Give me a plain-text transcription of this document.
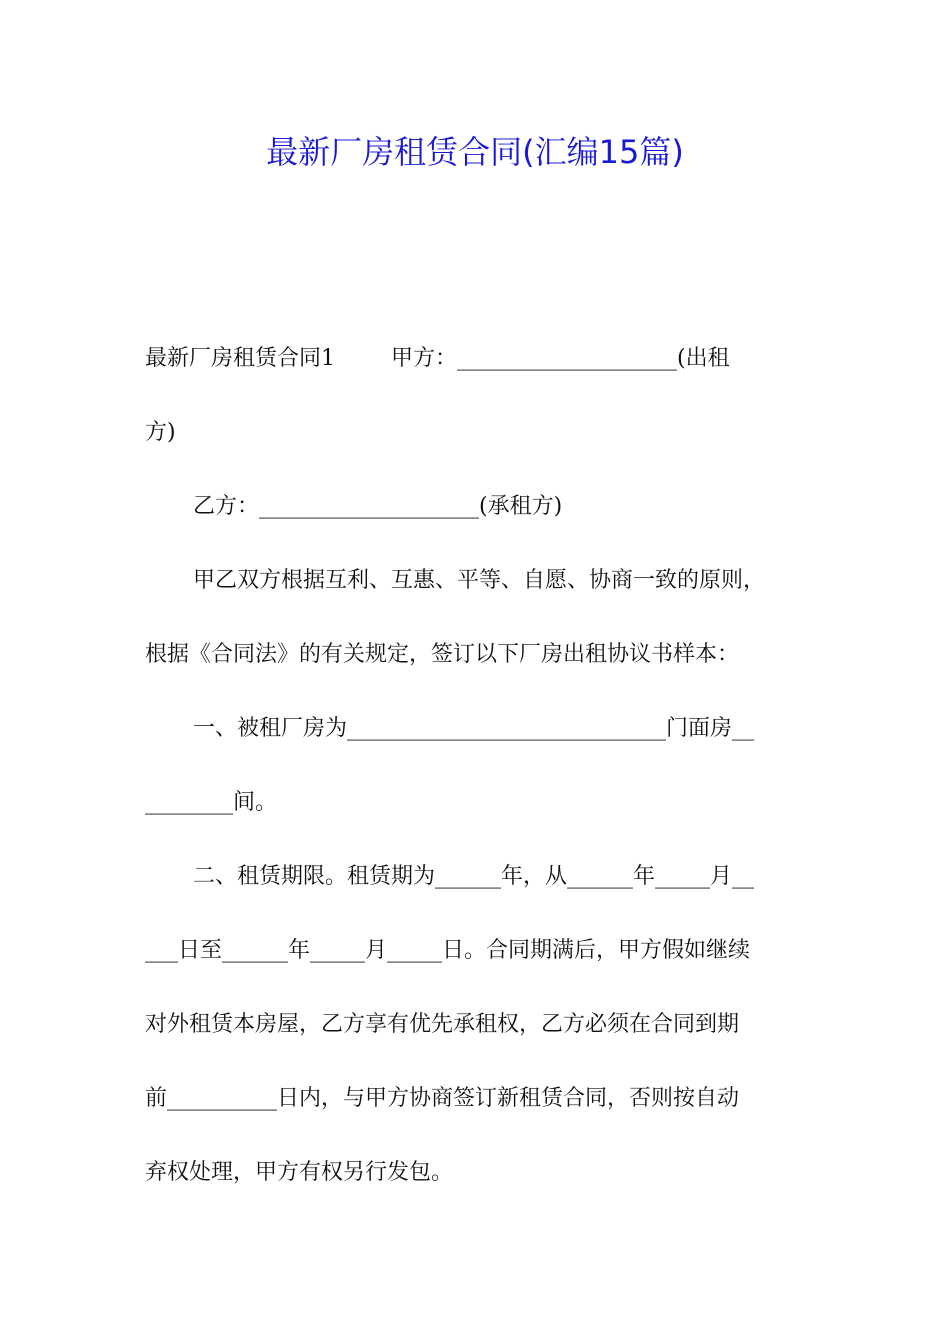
最新厂房租赁合同(汇编15篇)
最新厂房租赁合同1	甲方：____________________(出租
方)
乙方：____________________(承租方)
甲乙双方根据互利、互惠、平等、自愿、协商一致的原则，
根据《合同法》的有关规定，签订以下厂房出租协议书样本：
一、被租厂房为_____________________________门面房__
________间。
二、租赁期限。租赁期为______年，从______年_____月__
___日至______年_____月_____日。合同期满后，甲方假如继续
对外租赁本房屋，乙方享有优先承租权，乙方必须在合同到期
前__________日内，与甲方协商签订新租赁合同，否则按自动
弃权处理，甲方有权另行发包。
